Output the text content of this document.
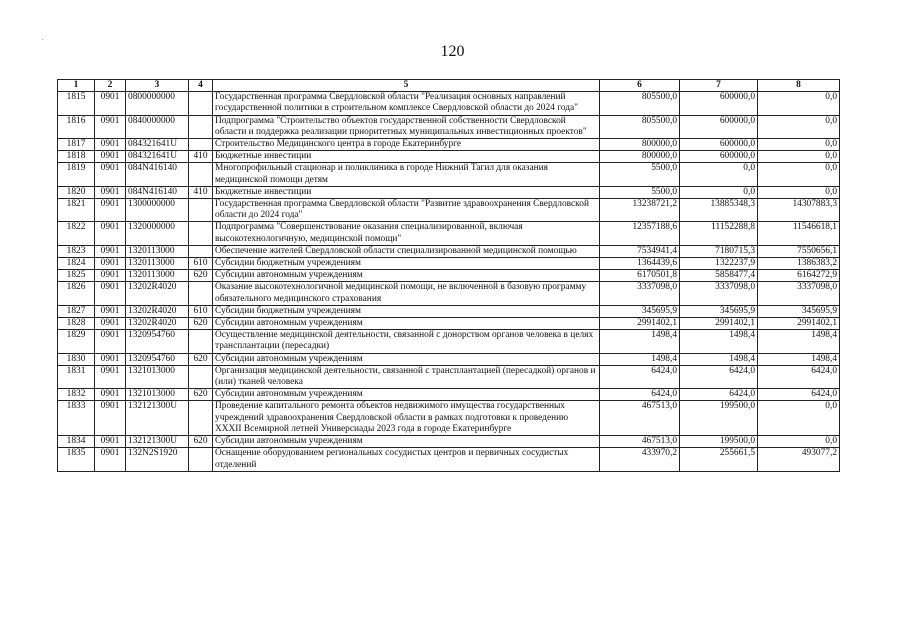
120
1	2	3	4	5	6	7	8
1815	0901	0800000000		Государственная программа Свердловской области "Реализация основных направлений государственной политики в строительном комплексе Свердловской области до 2024 года"	805500,0	600000,0	0,0
1816	0901	0840000000		Подпрограмма "Строительство объектов государственной собственности Свердловской области и поддержка реализации приоритетных муниципальных инвестиционных проектов"	805500,0	600000,0	0,0
1817	0901	084321641U		Строительство Медицинского центра в городе Екатеринбурге	800000,0	600000,0	0,0
1818	0901	084321641U	410	Бюджетные инвестиции	800000,0	600000,0	0,0
1819	0901	084N416140		Многопрофильный стационар и поликлиника в городе Нижний Тагил для оказания медицинской помощи детям	5500,0	0,0	0,0
1820	0901	084N416140	410	Бюджетные инвестиции	5500,0	0,0	0,0
1821	0901	1300000000		Государственная программа Свердловской области "Развитие здравоохранения Свердловской области до 2024 года"	13238721,2	13885348,3	14307883,3
1822	0901	1320000000		Подпрограмма "Совершенствование оказания специализированной, включая высокотехнологичную, медицинской помощи"	12357188,6	11152288,8	11546618,1
1823	0901	1320113000		Обеспечение жителей Свердловской области специализированной медицинской помощью	7534941,4	7180715,3	7550656,1
1824	0901	1320113000	610	Субсидии бюджетным учреждениям	1364439,6	1322237,9	1386383,2
1825	0901	1320113000	620	Субсидии автономным учреждениям	6170501,8	5858477,4	6164272,9
1826	0901	13202R4020		Оказание высокотехнологичной медицинской помощи, не включенной в базовую программу обязательного медицинского страхования	3337098,0	3337098,0	3337098,0
1827	0901	13202R4020	610	Субсидии бюджетным учреждениям	345695,9	345695,9	345695,9
1828	0901	13202R4020	620	Субсидии автономным учреждениям	2991402,1	2991402,1	2991402,1
1829	0901	1320954760		Осуществление медицинской деятельности, связанной с донорством органов человека в целях трансплантации (пересадки)	1498,4	1498,4	1498,4
1830	0901	1320954760	620	Субсидии автономным учреждениям	1498,4	1498,4	1498,4
1831	0901	1321013000		Организация медицинской деятельности, связанной с трансплантацией (пересадкой) органов и (или) тканей человека	6424,0	6424,0	6424,0
1832	0901	1321013000	620	Субсидии автономным учреждениям	6424,0	6424,0	6424,0
1833	0901	132121300U		Проведение капитального ремонта объектов недвижимого имущества государственных учреждений здравоохранения Свердловской области в рамках подготовки к проведению XXXII Всемирной летней Универсиады 2023 года в городе Екатеринбурге	467513,0	199500,0	0,0
1834	0901	132121300U	620	Субсидии автономным учреждениям	467513,0	199500,0	0,0
1835	0901	132N2S1920		Оснащение оборудованием региональных сосудистых центров и первичных сосудистых отделений	433970,2	255661,5	493077,2
